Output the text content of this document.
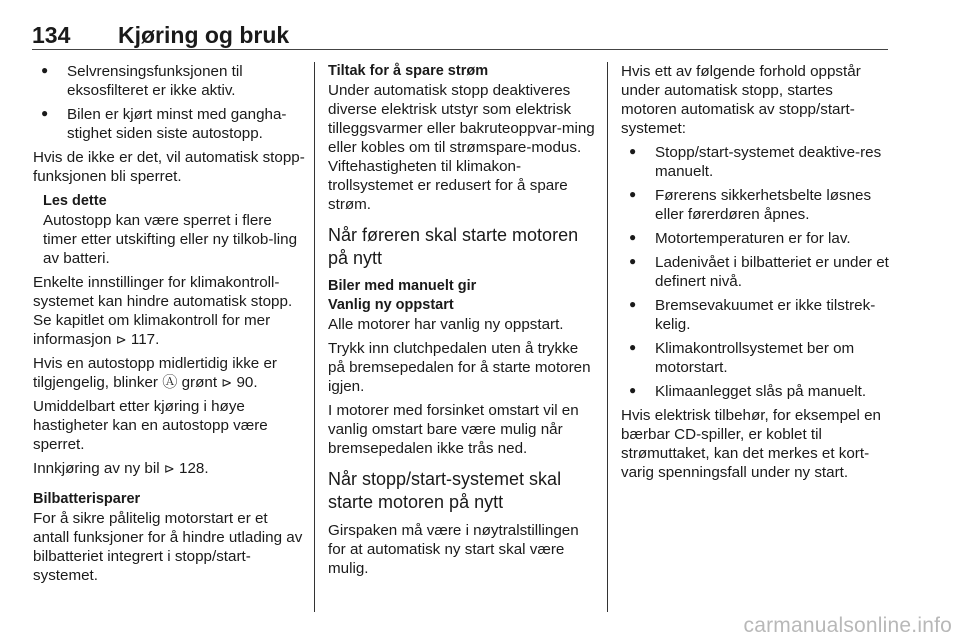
134 Kjøring og bruk
● Selvrensingsfunksjonen til eksosfilteret er ikke aktiv.
● Bilen er kjørt minst med gangha-stighet siden siste autostopp.

Hvis de ikke er det, vil automatisk stopp-funksjonen bli sperret.

Les dette
Autostopp kan være sperret i flere timer etter utskifting eller ny tilkob-ling av batteri.

Enkelte innstillinger for klimakontroll-systemet kan hindre automatisk stopp. Se kapitlet om klimakontroll for mer informasjon ⊳ 117.

Hvis en autostopp midlertidig ikke er tilgjengelig, blinker Ⓐ grønt ⊳ 90.

Umiddelbart etter kjøring i høye hastigheter kan en autostopp være sperret.

Innkjøring av ny bil ⊳ 128.

Bilbatterisparer

For å sikre pålitelig motorstart er et antall funksjoner for å hindre utlading av bilbatteriet integrert i stopp/start-systemet.

Tiltak for å spare strøm

Under automatisk stopp deaktiveres diverse elektrisk utstyr som elektrisk tilleggsvarmer eller bakruteoppvar-ming eller kobles om til strømspare-modus. Viftehastigheten til klimakon-trollsystemet er redusert for å spare strøm.

Når føreren skal starte motoren på nytt
Biler med manuelt gir
Vanlig ny oppstart

Alle motorer har vanlig ny oppstart.

Trykk inn clutchpedalen uten å trykke på bremsepedalen for å starte motoren igjen.

I motorer med forsinket omstart vil en vanlig omstart bare være mulig når bremsepedalen ikke trås ned.

Når stopp/start-systemet skal starte motoren på nytt

Girspaken må være i nøytralstillingen for at automatisk ny start skal være mulig.

Hvis ett av følgende forhold oppstår under automatisk stopp, startes motoren automatisk av stopp/start-systemet:

● Stopp/start-systemet deaktive-res manuelt.
● Førerens sikkerhetsbelte løsnes eller førerdøren åpnes.
● Motortemperaturen er for lav.
● Ladenivået i bilbatteriet er under et definert nivå.
● Bremsevakuumet er ikke tilstrek-kelig.
● Klimakontrollsystemet ber om motorstart.
● Klimaanlegget slås på manuelt.

Hvis elektrisk tilbehør, for eksempel en bærbar CD-spiller, er koblet til strømuttaket, kan det merkes et kort-varig spenningsfall under ny start.

carmanualsonline.info
